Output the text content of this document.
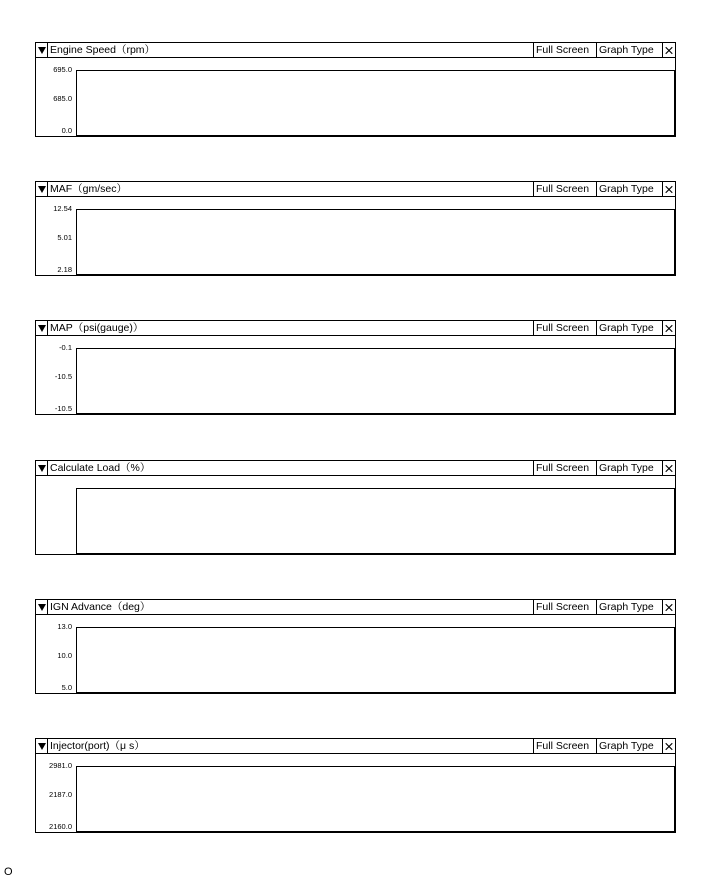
Engine Speed（rpm）	Full Screen Graph Type
695.0
685.0
0.0
MAF（gm/sec）	Full Screen Graph Type
12.54
5.01
2.18
MAP（psi(gauge)）	Full Screen Graph Type
-0.1
-10.5
-10.5
Calculate Load（%）	Full Screen Graph Type
IGN Advance（deg）	Full Screen Graph Type
13.0
10.0
5.0
Injector(port)（μ s）	Full Screen Graph Type
2981.0
2187.0
2160.0
O
